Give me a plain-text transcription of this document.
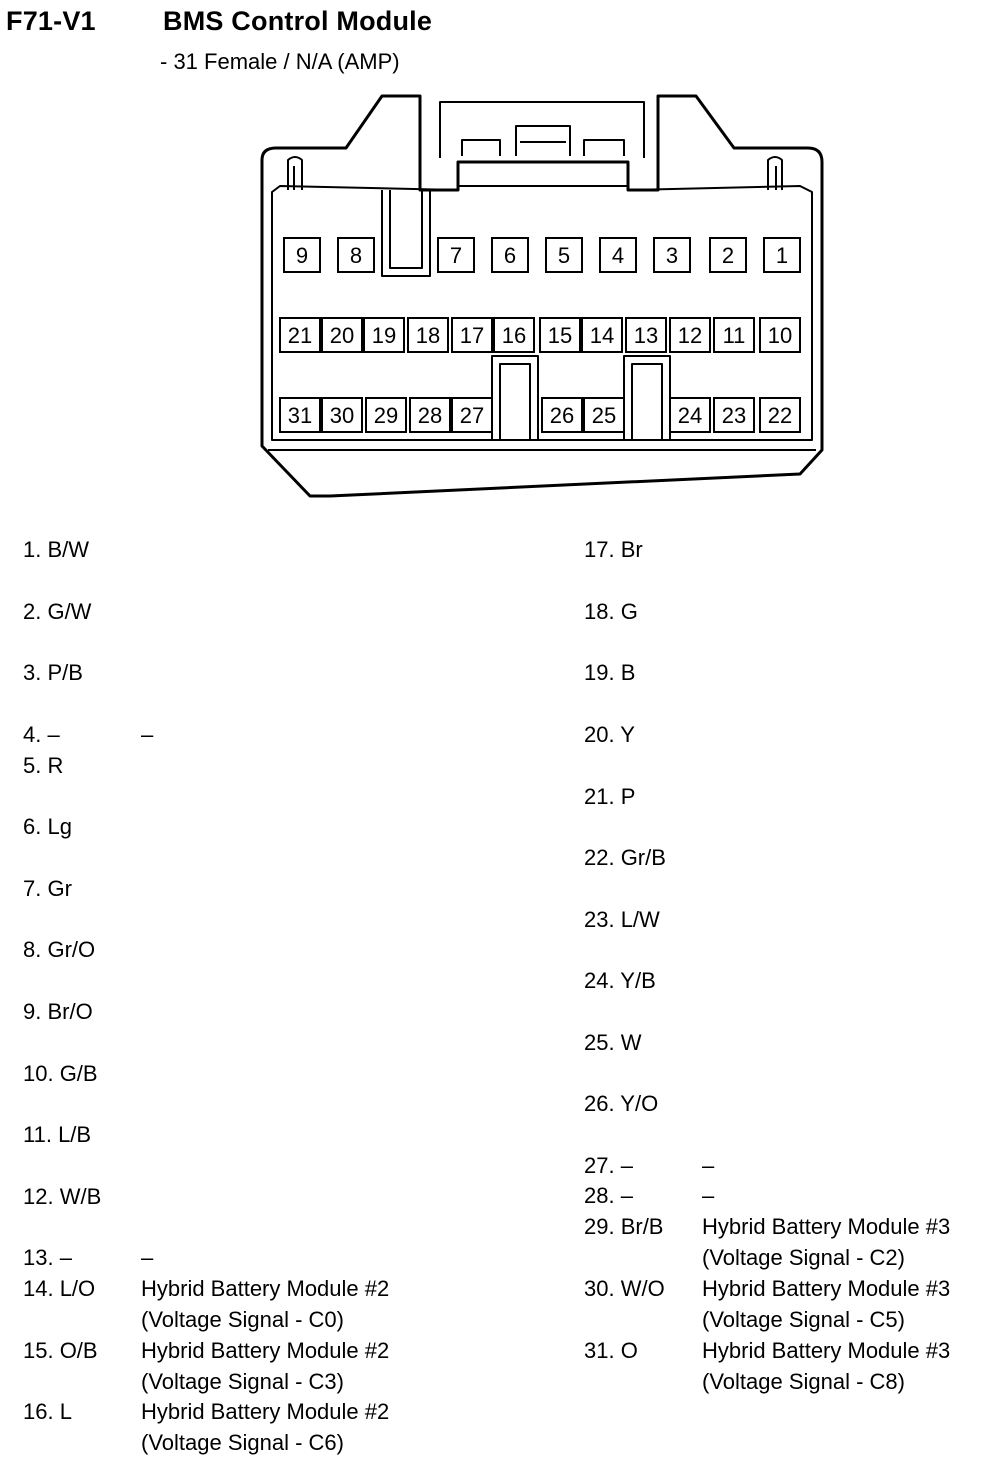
F71-V1 BMS Control Module
- 31 Female / N/A (AMP)
9 8	7 6 5 4 3 2 1
21 20 19 18 17 16 15 14 13 12 11 10
31 30 29 28 27	26 25	24 23 22
1. B/W
2. G/W
3. P/B
4. –	–
5. R
6. Lg
7. Gr
8. Gr/O
9. Br/O
10. G/B
11. L/B
12. W/B
13. –	–
14. L/O Hybrid Battery Module #2
(Voltage Signal - C0)
15. O/B Hybrid Battery Module #2
(Voltage Signal - C3)
16. L	Hybrid Battery Module #2
(Voltage Signal - C6)
17. Br
18. G
19. B
20. Y
21. P
22. Gr/B
23. L/W
24. Y/B
25. W
26. Y/O
27. –	–
28. –	–
29. Br/B Hybrid Battery Module #3
(Voltage Signal - C2)
30. W/O Hybrid Battery Module #3
(Voltage Signal - C5)
31. O	Hybrid Battery Module #3
(Voltage Signal - C8)
